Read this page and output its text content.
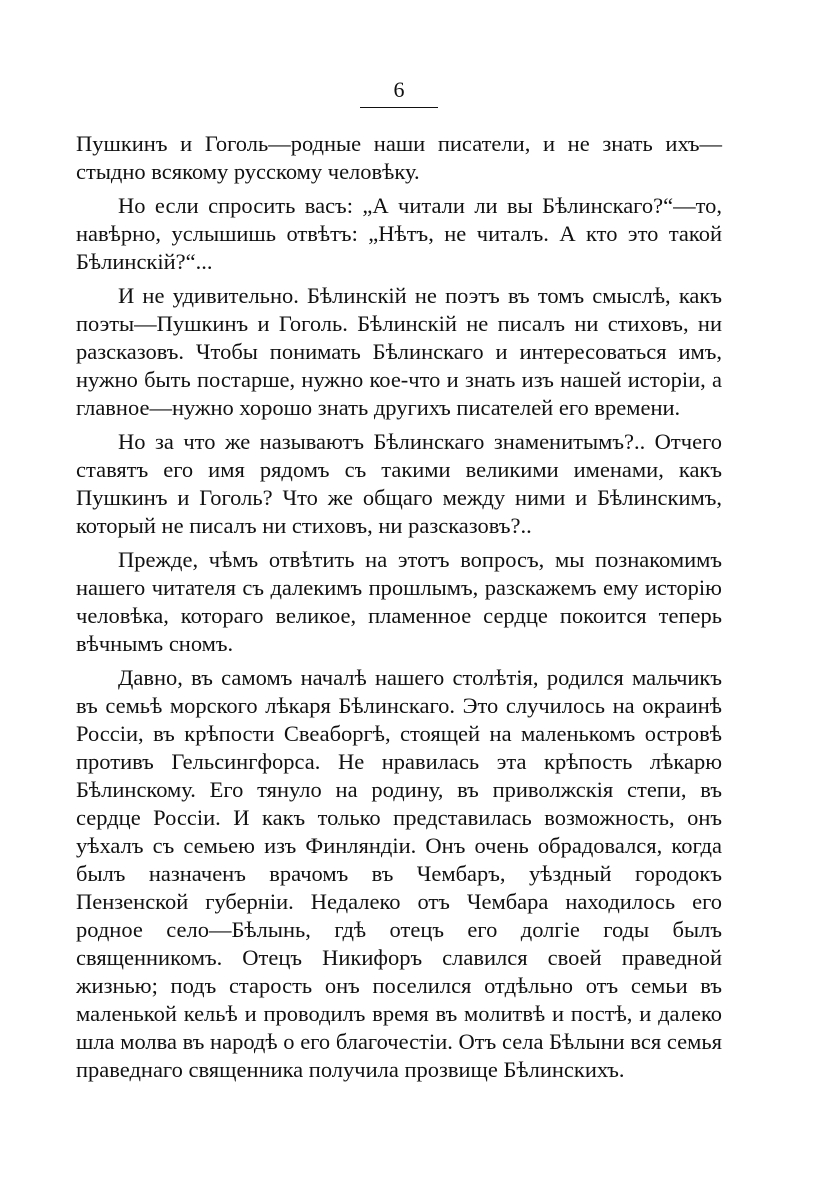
6

Пушкинъ и Гоголь—родные наши писатели, и не знать ихъ—стыдно всякому русскому человѣку.

Но если спросить васъ: „А читали ли вы Бѣлинскаго?“—то, навѣрно, услышишь отвѣтъ: „Нѣтъ, не читалъ. А кто это такой Бѣлинскій?“...

И не удивительно. Бѣлинскій не поэтъ въ томъ смыслѣ, какъ поэты—Пушкинъ и Гоголь. Бѣлинскій не писалъ ни стиховъ, ни разсказовъ. Чтобы понимать Бѣлинскаго и интересоваться имъ, нужно быть постарше, нужно кое-что и знать изъ нашей исторіи, а главное—нужно хорошо знать другихъ писателей его времени.

Но за что же называютъ Бѣлинскаго знаменитымъ?.. Отчего ставятъ его имя рядомъ съ такими великими именами, какъ Пушкинъ и Гоголь? Что же общаго между ними и Бѣлинскимъ, который не писалъ ни стиховъ, ни разсказовъ?..

Прежде, чѣмъ отвѣтить на этотъ вопросъ, мы познакомимъ нашего читателя съ далекимъ прошлымъ, разскажемъ ему исторію человѣка, котораго великое, пламенное сердце покоится теперь вѣчнымъ сномъ.

Давно, въ самомъ началѣ нашего столѣтія, родился мальчикъ въ семьѣ морского лѣкаря Бѣлинскаго. Это случилось на окраинѣ Россіи, въ крѣпости Свеаборгѣ, стоящей на маленькомъ островѣ противъ Гельсингфорса. Не нравилась эта крѣпость лѣкарю Бѣлинскому. Его тянуло на родину, въ приволжскія степи, въ сердце Россіи. И какъ только представилась возможность, онъ уѣхалъ съ семьею изъ Финляндіи. Онъ очень обрадовался, когда былъ назначенъ врачомъ въ Чембаръ, уѣздный городокъ Пензенской губерніи. Недалеко отъ Чембара находилось его родное село—Бѣлынь, гдѣ отецъ его долгіе годы былъ священникомъ. Отецъ Никифоръ славился своей праведной жизнью; подъ старость онъ поселился отдѣльно отъ семьи въ маленькой кельѣ и проводилъ время въ молитвѣ и постѣ, и далеко шла молва въ народѣ о его благочестіи. Отъ села Бѣлыни вся семья праведнаго священника получила прозвище Бѣлинскихъ.
